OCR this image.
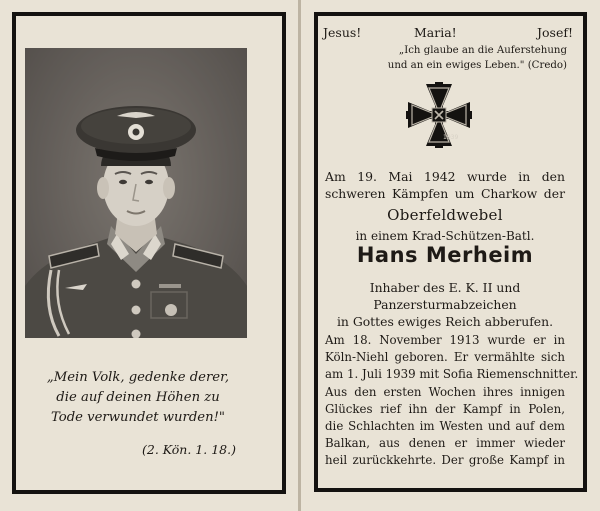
„Mein Volk, gedenke derer,
die auf deinen Höhen zu
Tode verwundet wurden!"
(2. Kön. 1. 18.)
Jesus!	Maria!	Josef!
„Ich glaube an die Auferstehung
und an ein ewiges Leben." (Credo)
1939
Am 19. Mai 1942 wurde in den
schweren Kämpfen um Charkow der
Oberfeldwebel
in einem Krad-Schützen-Batl.
Hans Merheim
Inhaber des E. K. II und
Panzersturmabzeichen
in Gottes ewiges Reich abberufen.
Am 18. November 1913 wurde er in
Köln-Niehl geboren. Er vermählte sich
am 1. Juli 1939 mit Sofia Riemenschnitter.
Aus den ersten Wochen ihres innigen
Glückes rief ihn der Kampf in Polen,
die Schlachten im Westen und auf dem
Balkan, aus denen er immer wieder
heil zurückkehrte. Der große Kampf in
